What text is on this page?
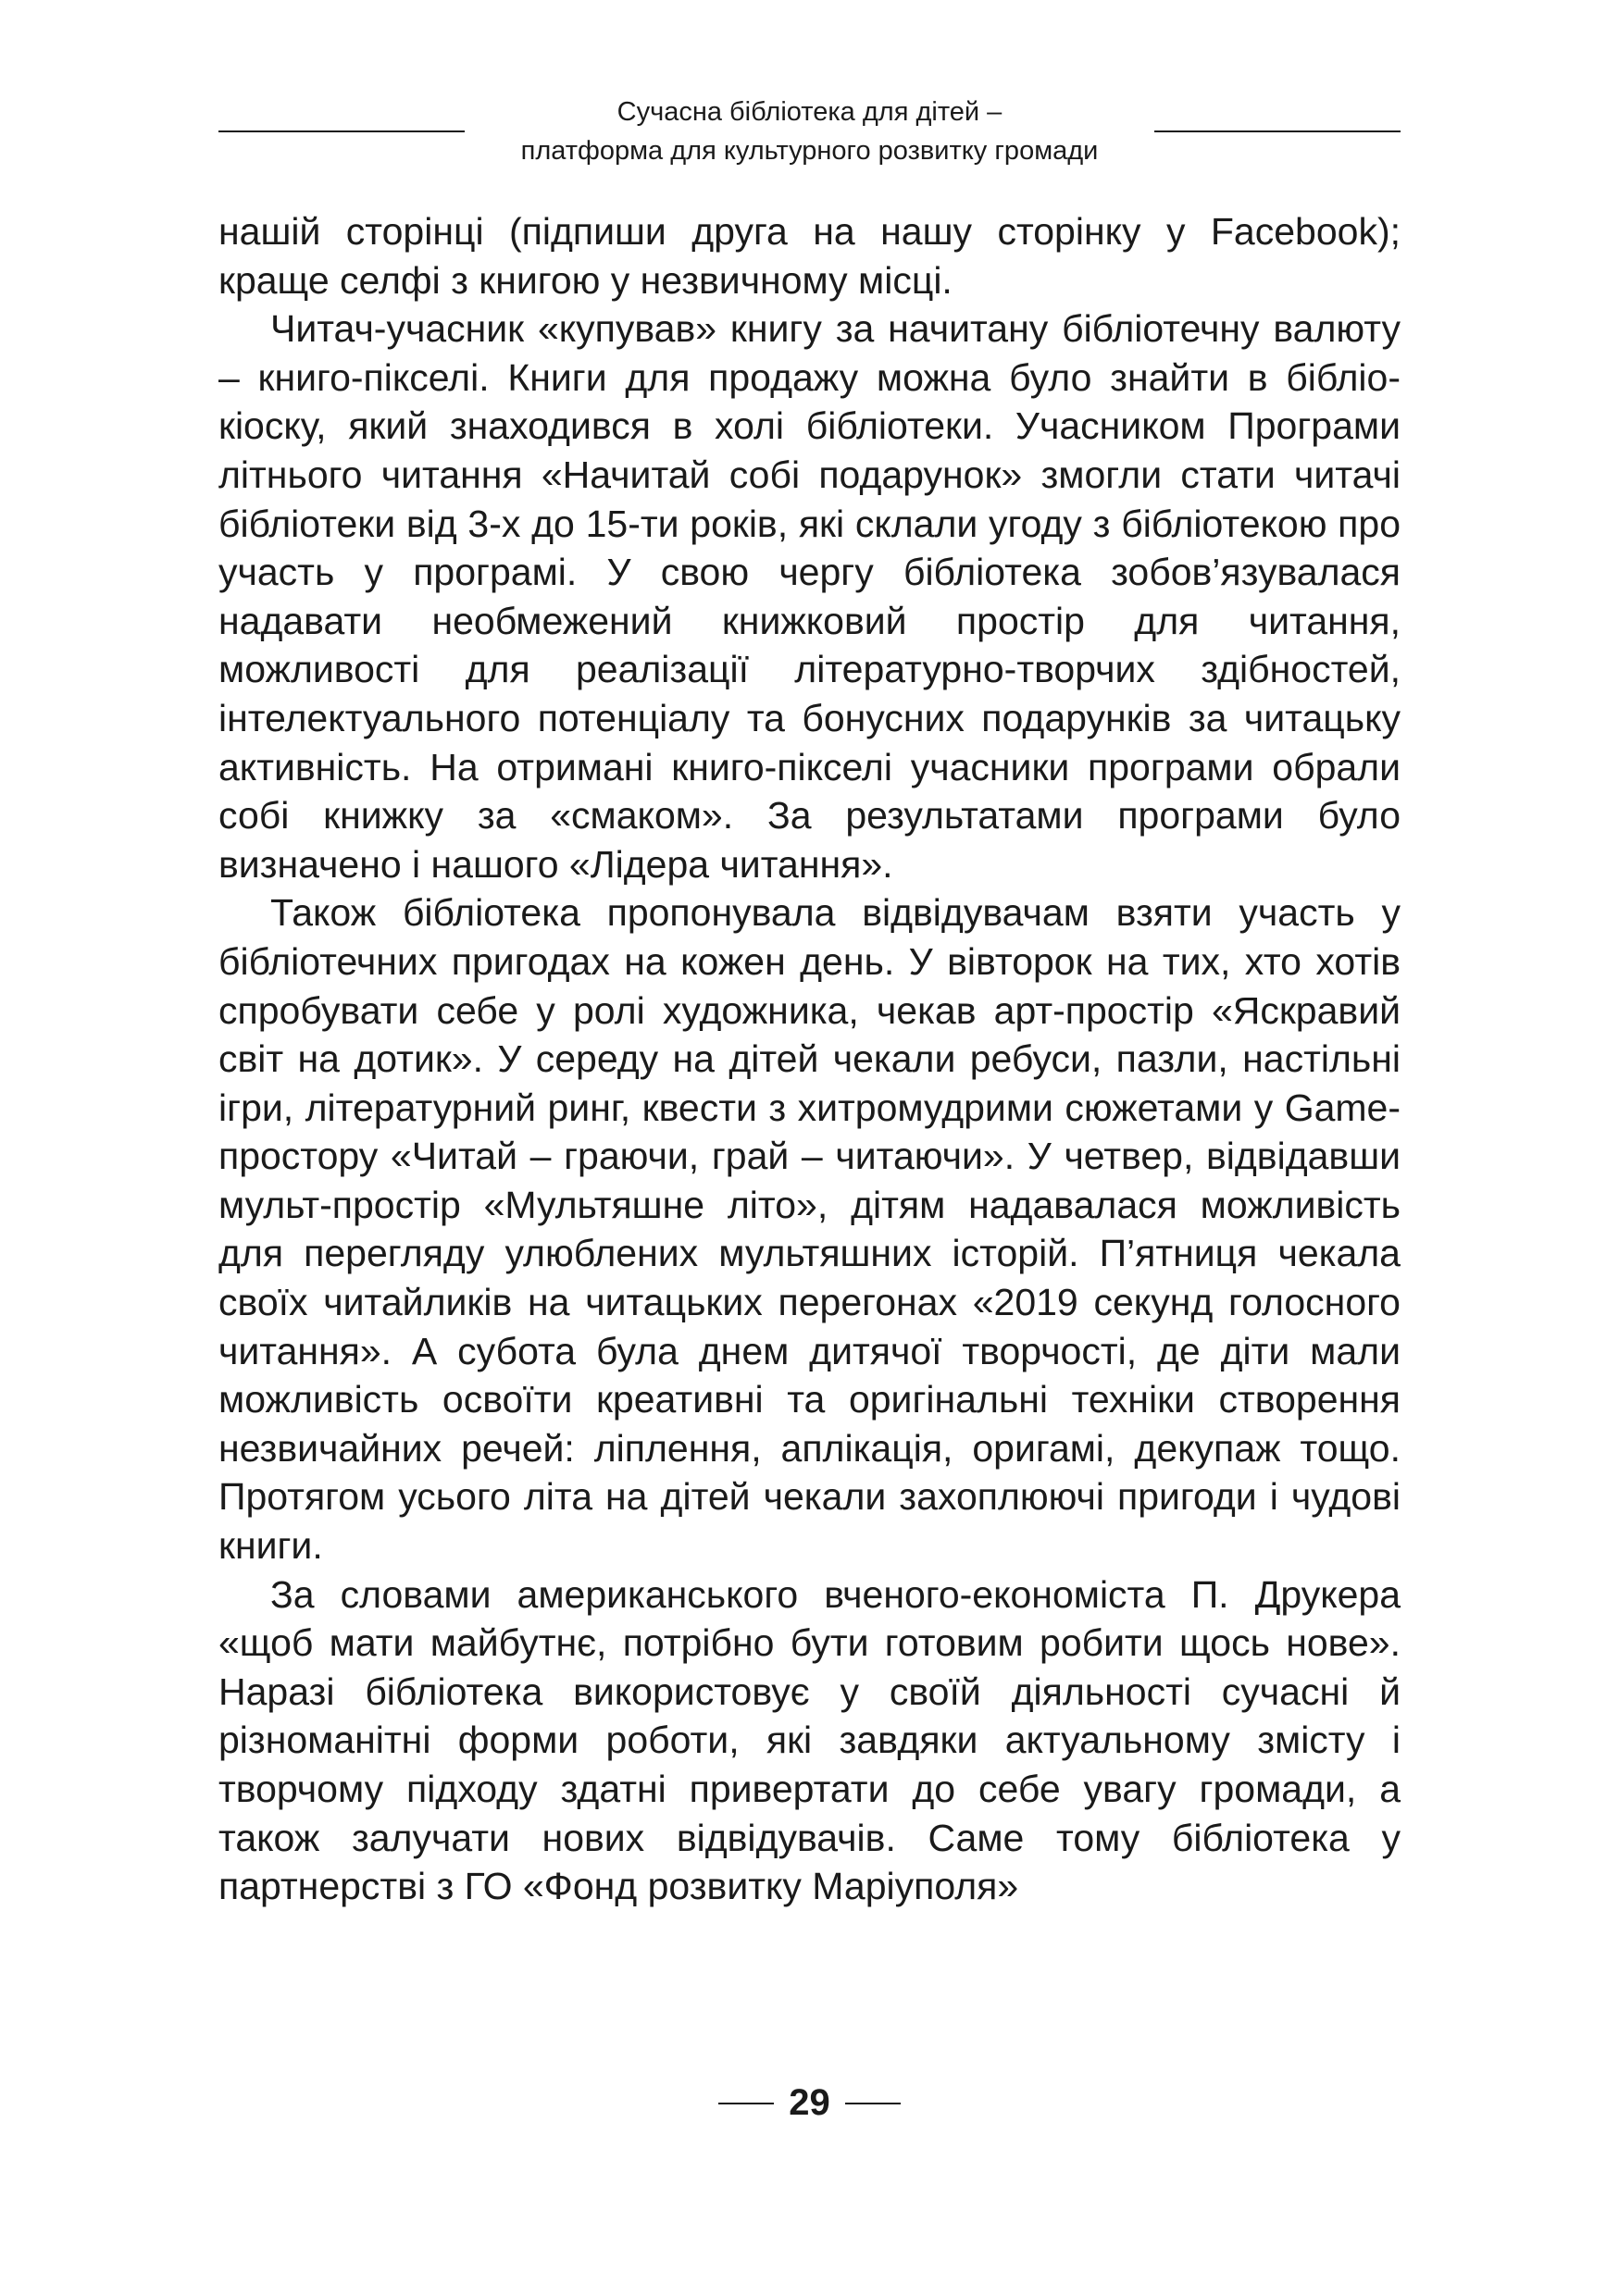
Сучасна бібліотека для дітей –
платформа для культурного розвитку громади

нашій сторінці (підпиши друга на нашу сторінку у Facebook); краще селфі з книгою у незвичному місці.

Читач-учасник «купував» книгу за начитану бібліотечну валюту – книго-пікселі. Книги для продажу можна було знайти в бібліо-кіоску, який знаходився в холі бібліотеки. Учасником Програми літнього читання «Начитай собі подарунок» змогли стати читачі бібліотеки від 3-х до 15-ти років, які склали угоду з бібліотекою про участь у програмі. У свою чергу бібліотека зобов’язувалася надавати необмежений книжковий простір для читання, можливості для реалізації літературно-творчих здібностей, інтелектуального потенціалу та бонусних подарунків за читацьку активність. На отримані книго-пікселі учасники програми обрали собі книжку за «смаком». За результатами програми було визначено і нашого «Лідера читання».

Також бібліотека пропонувала відвідувачам взяти участь у бібліотечних пригодах на кожен день. У вівторок на тих, хто хотів спробувати себе у ролі художника, чекав арт-простір «Яскравий світ на дотик». У середу на дітей чекали ребуси, пазли, настільні ігри, літературний ринг, квести з хитромудрими сюжетами у Game-простору «Читай – граючи, грай – читаючи». У четвер, відвідавши мульт-простір «Мультяшне літо», дітям надавалася можливість для перегляду улюблених мультяшних історій. П’ятниця чекала своїх читайликів на читацьких перегонах «2019 секунд голосного читання». А субота була днем дитячої творчості, де діти мали можливість освоїти креативні та оригінальні техніки створення незвичайних речей: ліплення, аплікація, оригамі, декупаж тощо. Протягом усього літа на дітей чекали захоплюючі пригоди і чудові книги.

За словами американського вченого-економіста П. Друкера «щоб мати майбутнє, потрібно бути готовим робити щось нове». Наразі бібліотека використовує у своїй діяльності сучасні й різноманітні форми роботи, які завдяки актуальному змісту і творчому підходу здатні привертати до себе увагу громади, а також залучати нових відвідувачів. Саме тому бібліотека у партнерстві з ГО «Фонд розвитку Маріуполя»

29
